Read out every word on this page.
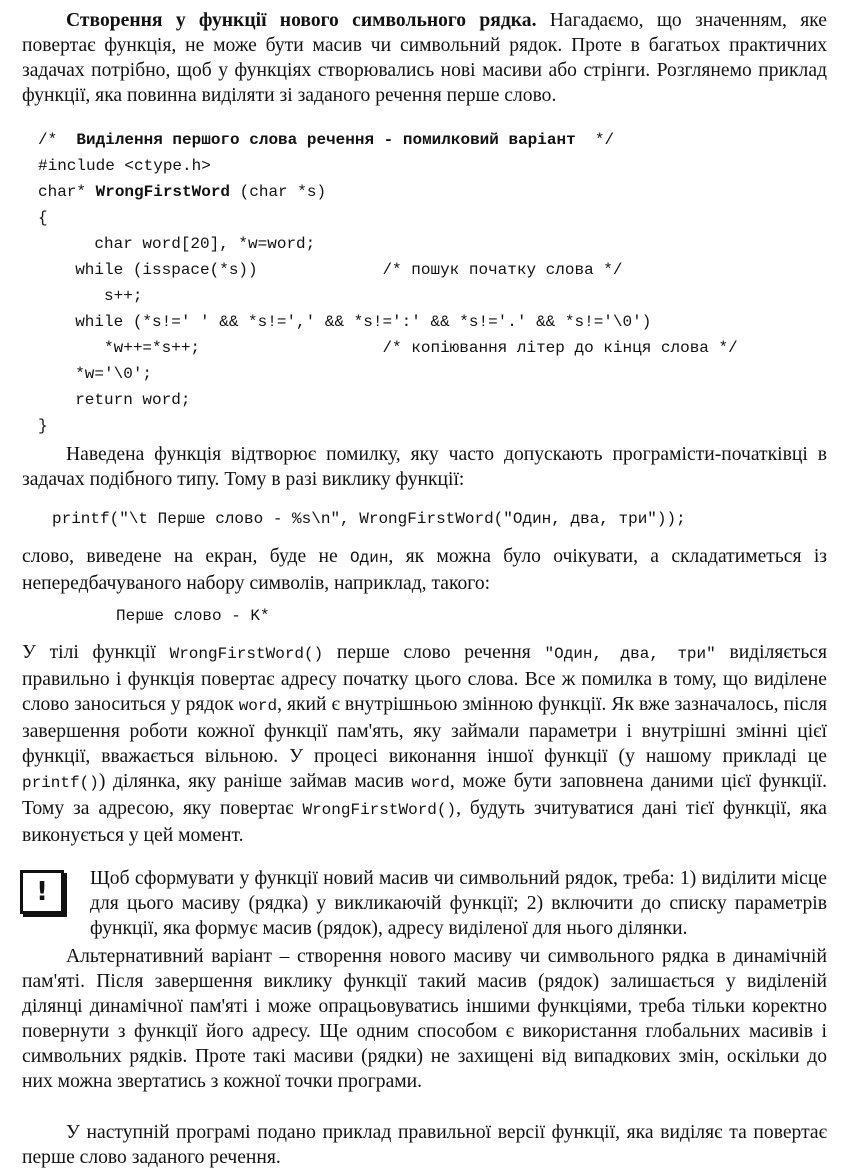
Створення у функції нового символьного рядка. Нагадаємо, що значенням, яке повертає функція, не може бути масив чи символьний рядок. Проте в багатьох практичних задачах потрібно, щоб у функціях створювались нові масиви або стрінги. Розглянемо приклад функції, яка повинна виділяти зі заданого речення перше слово.

/*  Виділення першого слова речення - помилковий варіант  */
#include <ctype.h>
char* WrongFirstWord (char *s)
{
char word[20], *w=word;
while (isspace(*s))             /* пошук початку слова */
s++;
while (*s!=' ' && *s!=',' && *s!=':' && *s!='.' && *s!='\0')
*w++=*s++;                   /* копіювання літер до кінця слова */
*w='\0';
return word;
}

Наведена функція відтворює помилку, яку часто допускають програмісти-початківці в задачах подібного типу. Тому в разі виклику функції:

printf("\t Перше слово - %s\n", WrongFirstWord("Один, два, три"));

слово, виведене на екран, буде не Один, як можна було очікувати, а складатиметься із непередбачуваного набору символів, наприклад, такого:

Перше слово - K*

У тілі функції WrongFirstWord() перше слово речення "Один, два, три" виділяється правильно і функція повертає адресу початку цього слова. Все ж помилка в тому, що виділене слово заноситься у рядок word, який є внутрішньою змінною функції. Як вже зазначалось, після завершення роботи кожної функції пам'ять, яку займали параметри і внутрішні змінні цієї функції, вважається вільною. У процесі виконання іншої функції (у нашому прикладі це printf()) ділянка, яку раніше займав масив word, може бути заповнена даними цієї функції. Тому за адресою, яку повертає WrongFirstWord(), будуть зчитуватися дані тієї функції, яка виконується у цей момент.

!	Щоб сформувати у функції новий масив чи символьний рядок, треба: 1) виділити місце для цього масиву (рядка) у викликаючій функції; 2) включити до списку параметрів функції, яка формує масив (рядок), адресу виділеної для нього ділянки.

Альтернативний варіант – створення нового масиву чи символьного рядка в динамічній пам'яті. Після завершення виклику функції такий масив (рядок) залишається у виділеній ділянці динамічної пам'яті і може опрацьовуватись іншими функціями, треба тільки коректно повернути з функції його адресу. Ще одним способом є використання глобальних масивів і символьних рядків. Проте такі масиви (рядки) не захищені від випадкових змін, оскільки до них можна звертатись з кожної точки програми.

У наступній програмі подано приклад правильної версії функції, яка виділяє та повертає перше слово заданого речення.
